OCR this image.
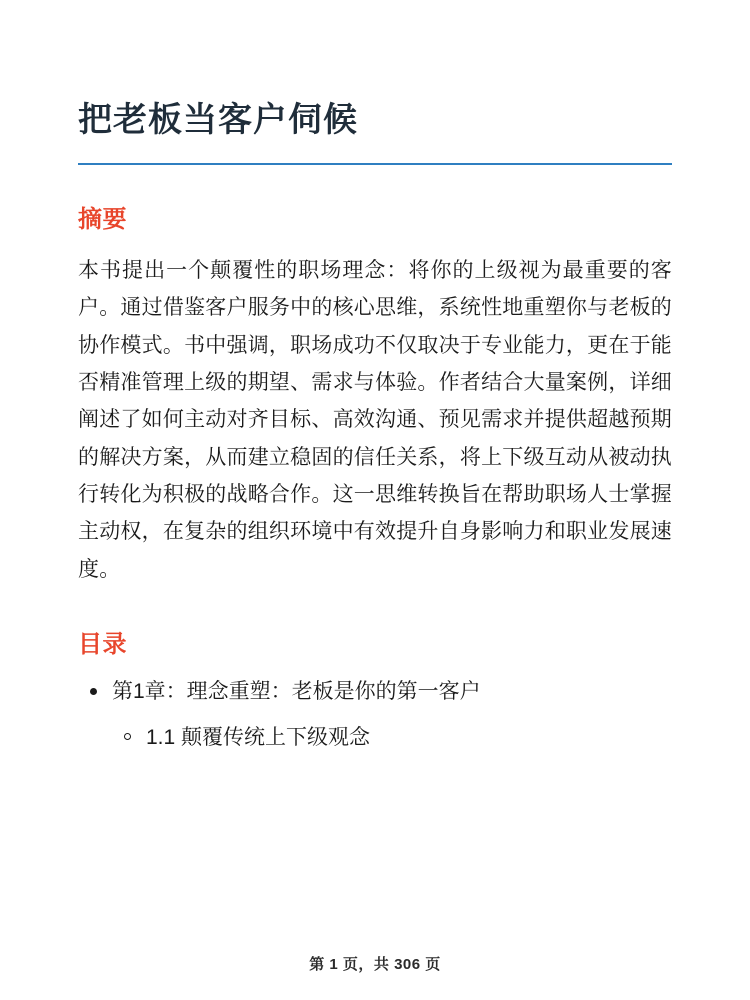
把老板当客户伺候
摘要

本书提出一个颠覆性的职场理念：将你的上级视为最重要的客户。通过借鉴客户服务中的核心思维，系统性地重塑你与老板的协作模式。书中强调，职场成功不仅取决于专业能力，更在于能否精准管理上级的期望、需求与体验。作者结合大量案例，详细阐述了如何主动对齐目标、高效沟通、预见需求并提供超越预期的解决方案，从而建立稳固的信任关系，将上下级互动从被动执行转化为积极的战略合作。这一思维转换旨在帮助职场人士掌握主动权，在复杂的组织环境中有效提升自身影响力和职业发展速度。

目录
第1章：理念重塑：老板是你的第一客户
1.1 颠覆传统上下级观念
第 1 页，共 306 页
